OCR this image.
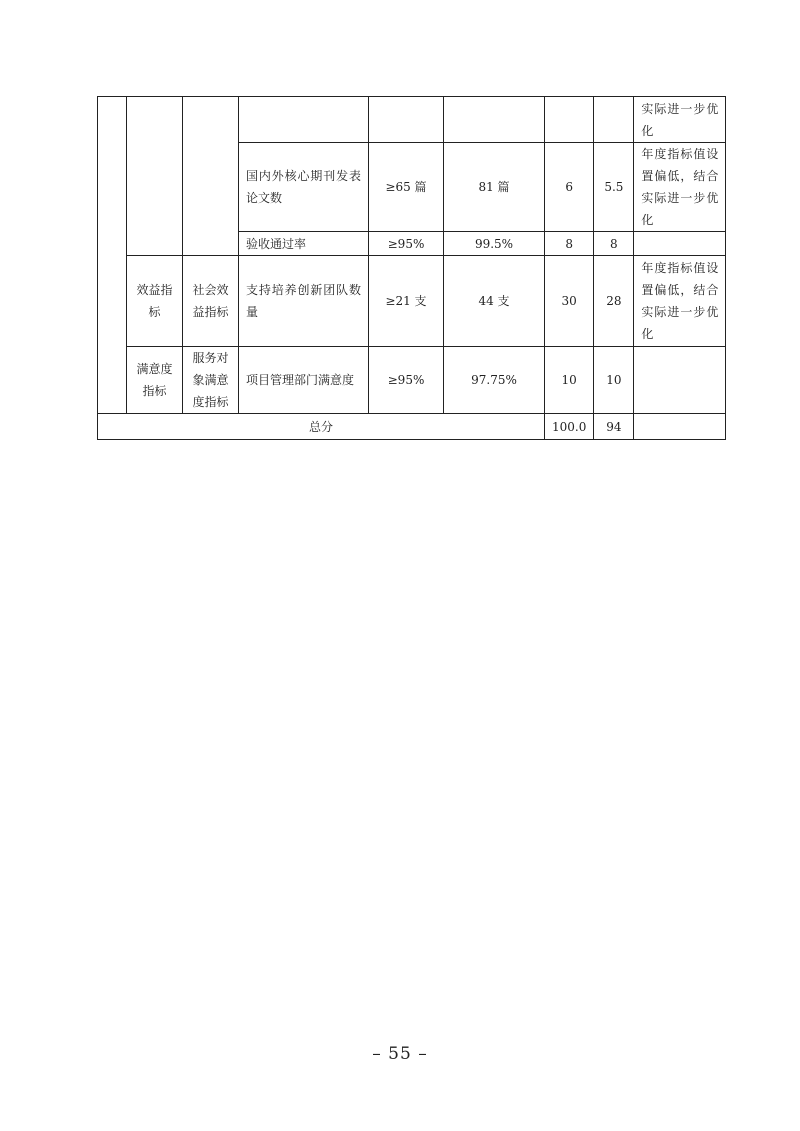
								实际进一步优化
			国内外核心期刊发表论文数	≥65 篇	81 篇	6	5.5	年度指标值设置偏低，结合实际进一步优化
			验收通过率	≥95%	99.5%	8	8	
	效益指标	社会效益指标	支持培养创新团队数量	≥21 支	44 支	30	28	年度指标值设置偏低，结合实际进一步优化
	满意度指标	服务对象满意度指标	项目管理部门满意度	≥95%	97.75%	10	10	
总分						100.0	94	
– 55 –
